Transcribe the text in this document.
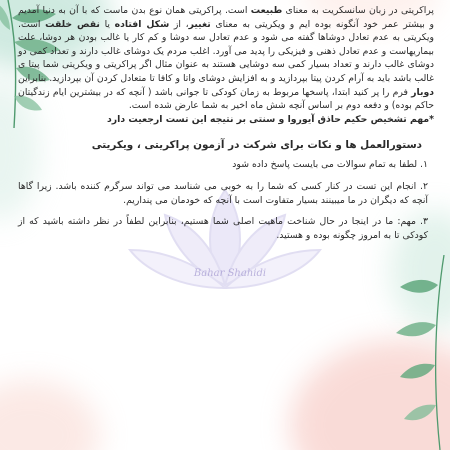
Bahar Shahidi

پراکریتی در زبان سانسکریت به معنای طبیعت است. پراکریتی همان نوع بدن ماست که با آن به دنیا آمدیم و بیشتر عمر خود آنگونه بوده ایم و ویکریتی به معنای تغییر، از شکل افتاده یا نقص خلقت است. ویکریتی به عدم تعادل دوشاها گفته می شود و عدم تعادل سه دوشا و کم کار یا غالب بودن هر دوشا، علت بیماریهاست و عدم تعادل ذهنی و فیزیکی را پدید می آورد. اغلب مردم یک دوشای غالب دارند و تعداد کمی دو دوشای غالب دارند و تعداد بسیار کمی سه دوشایی هستند به عنوان مثال اگر پراکریتی و ویکریتی شما پیتا ی غالب باشد باید به آرام کردن پیتا بپردازید و به افزایش دوشای واتا و کافا تا متعادل کردن آن بپردازید. بنابراین دوبار فرم را پر کنید ابتدا، پاسخها مربوط به زمان کودکی تا جوانی باشد ( آنچه که در بیشترین ایام زندگیتان حاکم بوده) و دفعه دوم بر اساس آنچه شش ماه اخیر به شما عارض شده است.

*مهم تشخیص حکیم حاذق آیوروا و سنتی بر نتیجه این تست ارجعیت دارد

دستورالعمل ها و نکات برای شرکت در آزمون پراکریتی ، ویکریتی

۱. لطفا به تمام سوالات می بایست پاسخ داده شود

۲. انجام این تست در کنار کسی که شما را به خوبی می شناسد می تواند سرگرم کننده باشد. زیرا گاها آنچه که دیگران در ما میبینند بسیار متفاوت است با آنچه که خودمان می پنداریم.

۳. مهم: ما در اینجا در حال شناخت ماهیت اصلی شما هستیم، بنابراین لطفاً در نظر داشته باشید که از کودکی تا به امروز چگونه بوده و هستید.
